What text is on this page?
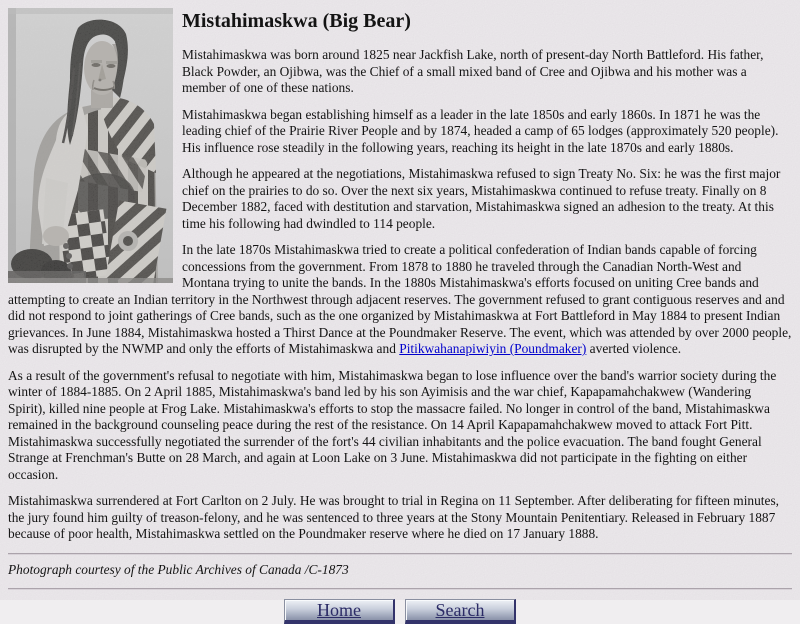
Mistahimaskwa (Big Bear)

Mistahimaskwa was born around 1825 near Jackfish Lake, north of present-day North Battleford. His father, Black Powder, an Ojibwa, was the Chief of a small mixed band of Cree and Ojibwa and his mother was a member of one of these nations.

Mistahimaskwa began establishing himself as a leader in the late 1850s and early 1860s. In 1871 he was the leading chief of the Prairie River People and by 1874, headed a camp of 65 lodges (approximately 520 people). His influence rose steadily in the following years, reaching its height in the late 1870s and early 1880s.

Although he appeared at the negotiations, Mistahimaskwa refused to sign Treaty No. Six: he was the first major chief on the prairies to do so. Over the next six years, Mistahimaskwa continued to refuse treaty. Finally on 8 December 1882, faced with destitution and starvation, Mistahimaskwa signed an adhesion to the treaty. At this time his following had dwindled to 114 people.

In the late 1870s Mistahimaskwa tried to create a political confederation of Indian bands capable of forcing concessions from the government. From 1878 to 1880 he traveled through the Canadian North-West and Montana trying to unite the bands. In the 1880s Mistahimaskwa's efforts focused on uniting Cree bands and attempting to create an Indian territory in the Northwest through adjacent reserves. The government refused to grant contiguous reserves and and did not respond to joint gatherings of Cree bands, such as the one organized by Mistahimaskwa at Fort Battleford in May 1884 to present Indian grievances. In June 1884, Mistahimaskwa hosted a Thirst Dance at the Poundmaker Reserve. The event, which was attended by over 2000 people, was disrupted by the NWMP and only the efforts of Mistahimaskwa and Pitikwahanapiwiyin (Poundmaker) averted violence.

As a result of the government's refusal to negotiate with him, Mistahimaskwa began to lose influence over the band's warrior society during the winter of 1884-1885. On 2 April 1885, Mistahimaskwa's band led by his son Ayimisis and the war chief, Kapapamahchakwew (Wandering Spirit), killed nine people at Frog Lake. Mistahimaskwa's efforts to stop the massacre failed. No longer in control of the band, Mistahimaskwa remained in the background counseling peace during the rest of the resistance. On 14 April Kapapamahchakwew moved to attack Fort Pitt. Mistahimaskwa successfully negotiated the surrender of the fort's 44 civilian inhabitants and the police evacuation. The band fought General Strange at Frenchman's Butte on 28 March, and again at Loon Lake on 3 June. Mistahimaskwa did not participate in the fighting on either occasion.

Mistahimaskwa surrendered at Fort Carlton on 2 July. He was brought to trial in Regina on 11 September. After deliberating for fifteen minutes, the jury found him guilty of treason-felony, and he was sentenced to three years at the Stony Mountain Penitentiary. Released in February 1887 because of poor health, Mistahimaskwa settled on the Poundmaker reserve where he died on 17 January 1888.

Photograph courtesy of the Public Archives of Canada /C-1873
Home	Search
